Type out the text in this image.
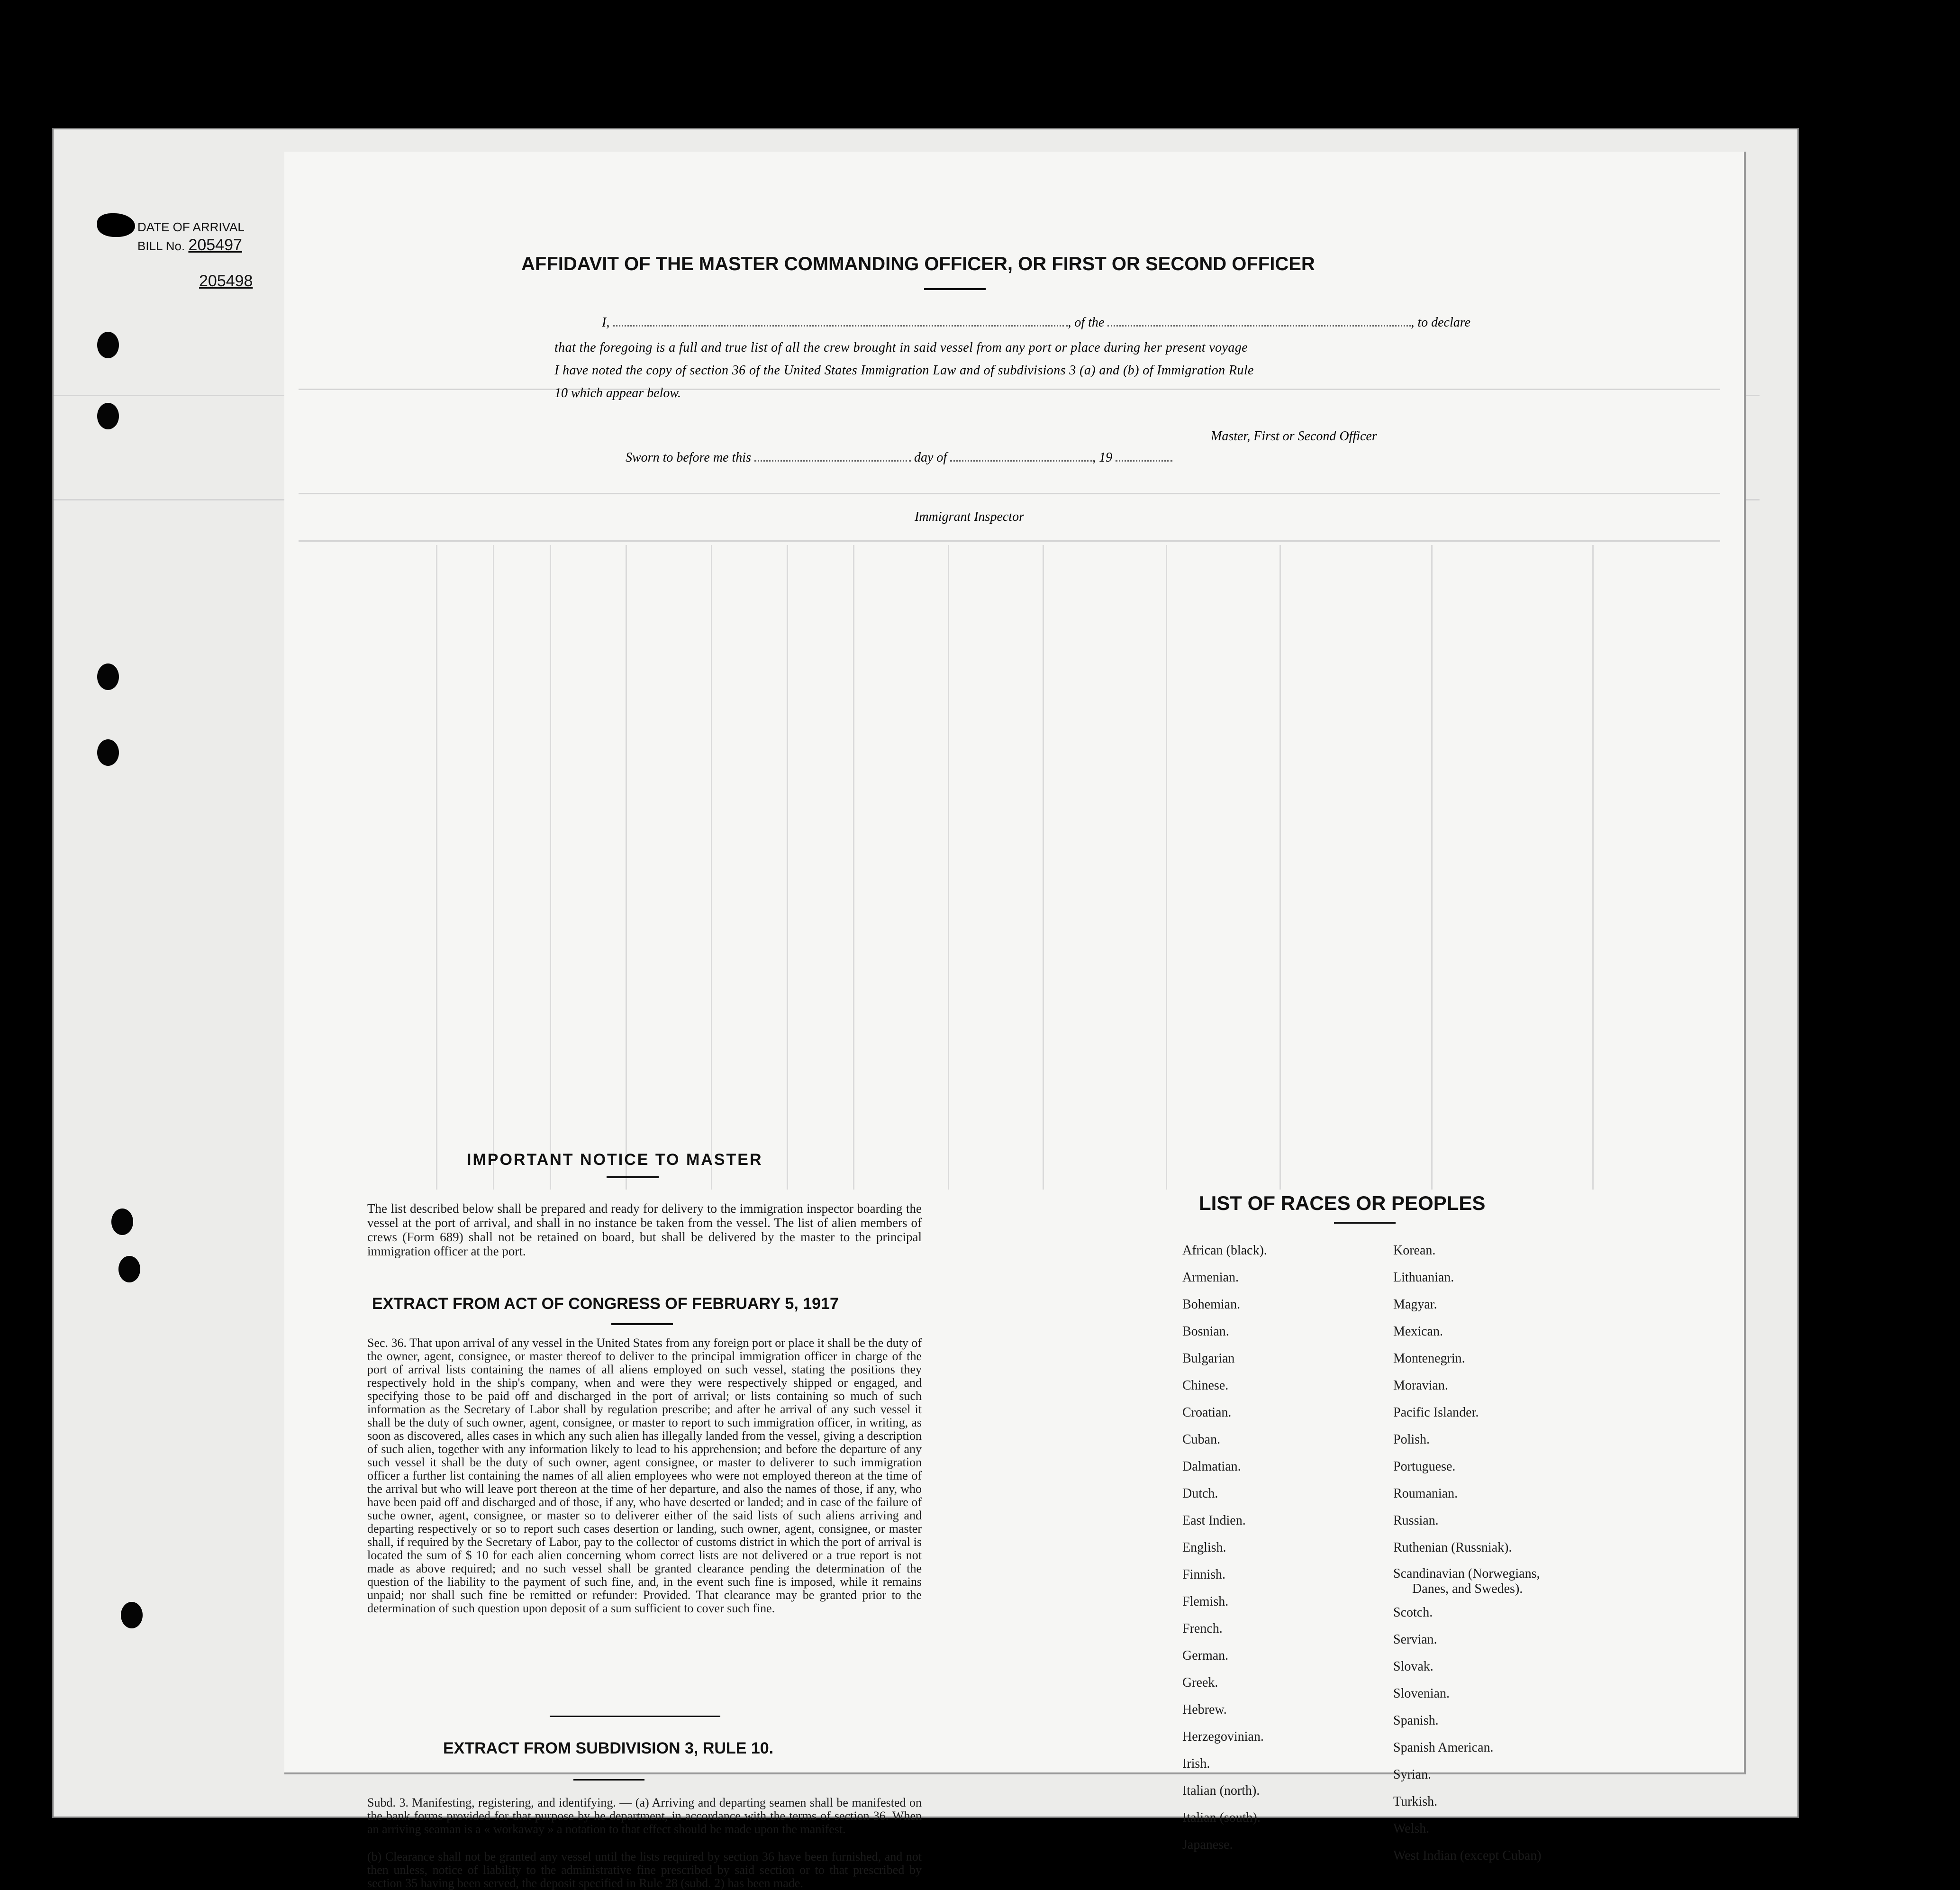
DATE OF ARRIVAL
BILL No. 205497
205498
AFFIDAVIT OF THE MASTER COMMANDING OFFICER, OR FIRST OR SECOND OFFICER
I,	, of the	, to declare
that the foregoing is a full and true list of all the crew brought in said vessel from any port or place during her present voyage
I have noted the copy of section 36 of the United States Immigration Law and of subdivisions 3 (a) and (b) of Immigration Rule
10 which appear below.
Master, First or Second Officer
Sworn to before me this	day of	, 19
Immigrant Inspector
IMPORTANT NOTICE TO MASTER
The list described below shall be prepared and ready for delivery to the immigration inspector boarding the vessel at the port of arrival, and shall in no instance be taken from the vessel. The list of alien members of crews (Form 689) shall not be retained on board, but shall be delivered by the master to the principal immigration officer at the port.
EXTRACT FROM ACT OF CONGRESS OF FEBRUARY 5, 1917
Sec. 36. That upon arrival of any vessel in the United States from any foreign port or place it shall be the duty of the owner, agent, consignee, or master thereof to deliver to the principal immigration officer in charge of the port of arrival lists containing the names of all aliens employed on such vessel, stating the positions they respectively hold in the ship's company, when and were they were respectively shipped or engaged, and specifying those to be paid off and discharged in the port of arrival; or lists containing so much of such information as the Secretary of Labor shall by regulation prescribe; and after he arrival of any such vessel it shall be the duty of such owner, agent, consignee, or master to report to such immigration officer, in writing, as soon as discovered, alles cases in which any such alien has illegally landed from the vessel, giving a description of such alien, together with any information likely to lead to his apprehension; and before the departure of any such vessel it shall be the duty of such owner, agent consignee, or master to deliverer to such immigration officer a further list containing the names of all alien employees who were not employed thereon at the time of the arrival but who will leave port thereon at the time of her departure, and also the names of those, if any, who have been paid off and discharged and of those, if any, who have deserted or landed; and in case of the failure of suche owner, agent, consignee, or master so to deliverer either of the said lists of such aliens arriving and departing respectively or so to report such cases desertion or landing, such owner, agent, consignee, or master shall, if required by the Secretary of Labor, pay to the collector of customs district in which the port of arrival is located the sum of $ 10 for each alien concerning whom correct lists are not delivered or a true report is not made as above required; and no such vessel shall be granted clearance pending the determination of the question of the liability to the payment of such fine, and, in the event such fine is imposed, while it remains unpaid; nor shall such fine be remitted or refunder: Provided. That clearance may be granted prior to the determination of such question upon deposit of a sum sufficient to cover such fine.
EXTRACT FROM SUBDIVISION 3, RULE 10.
Subd. 3. Manifesting, registering, and identifying. — (a) Arriving and departing seamen shall be manifested on the bank forms provided for that purpose by he department, in accordance with the terms of section 36. When an arriving seaman is a « workaway » a notation to that effect should be made upon the manifest.
(b) Clearance shall not be granted any vessel until the lists required by section 36 have been furnished, and not then unless, notice of liability to the administrative fine prescribed by said section or to that prescribed by section 35 having been served, the deposit specified in Rule 28 (subd. 2) has been made.
LIST OF RACES OR PEOPLES
African (black).
Armenian.
Bohemian.
Bosnian.
Bulgarian
Chinese.
Croatian.
Cuban.
Dalmatian.
Dutch.
East Indien.
English.
Finnish.
Flemish.
French.
German.
Greek.
Hebrew.
Herzegovinian.
Irish.
Italian (north).
Italian (south).
Japanese.
Korean.
Lithuanian.
Magyar.
Mexican.
Montenegrin.
Moravian.
Pacific Islander.
Polish.
Portuguese.
Roumanian.
Russian.
Ruthenian (Russniak).
Scandinavian (Norwegians,
Danes, and Swedes).
Scotch.
Servian.
Slovak.
Slovenian.
Spanish.
Spanish American.
Syrian.
Turkish.
Welsh.
West Indian (except Cuban)
